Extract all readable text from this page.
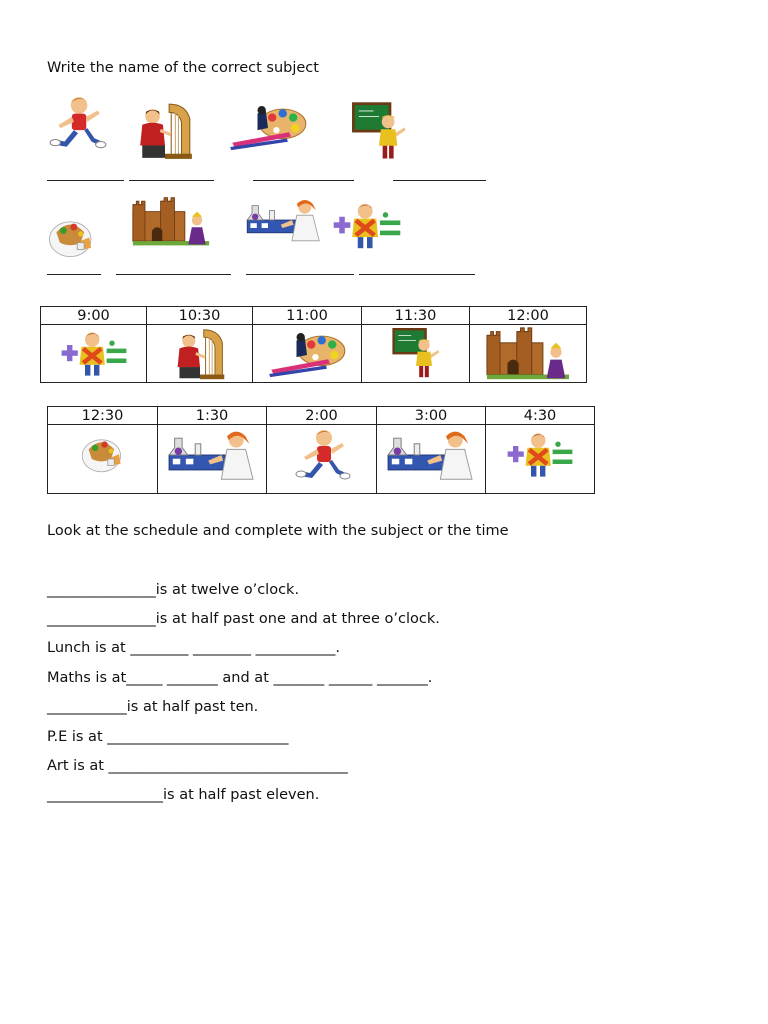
Write the name of the correct subject
9:00	10:30	11:00	11:30	12:00
12:30	1:30	2:00	3:00	4:30
Look at the schedule and complete with the subject or the time
_______________is at twelve o’clock.
_______________is at half past one and at three o’clock.
Lunch is at ________ ________ ___________.
Maths is at_____ _______ and at _______ ______ _______.
___________is at half past ten.
P.E is at _________________________
Art is at _________________________________
________________is at half past eleven.
